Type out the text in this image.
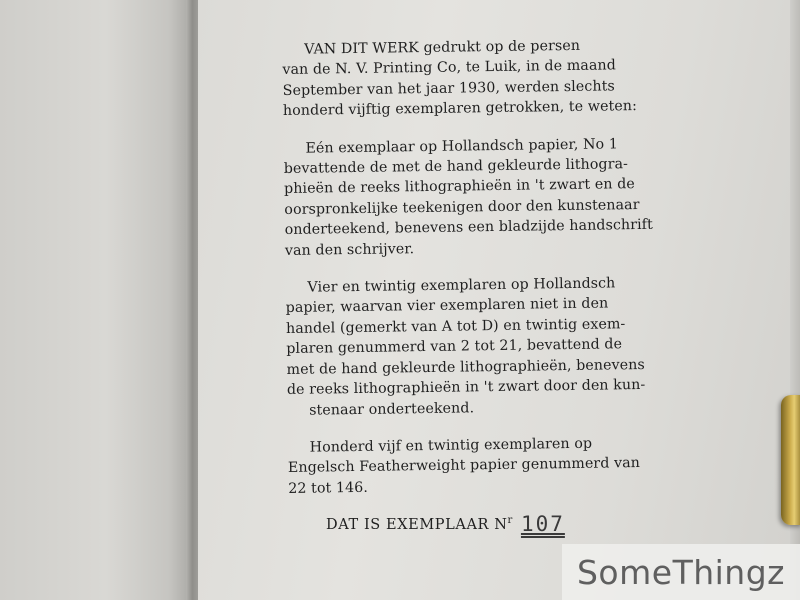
VAN DIT WERK gedrukt op de persen
van de N. V. Printing Co, te Luik, in de maand
September van het jaar 1930, werden slechts
honderd vijftig exemplaren getrokken, te weten:

Eén exemplaar op Hollandsch papier, No 1
bevattende de met de hand gekleurde lithogra-
phieën de reeks lithographieën in 't zwart en de
oorspronkelijke teekenigen door den kunstenaar
onderteekend, benevens een bladzijde handschrift
van den schrijver.

Vier en twintig exemplaren op Hollandsch
papier, waarvan vier exemplaren niet in den
handel (gemerkt van A tot D) en twintig exem-
plaren genummerd van 2 tot 21, bevattend de
met de hand gekleurde lithographieën, benevens
de reeks lithographieën in 't zwart door den kun-
stenaar onderteekend.

Honderd vijf en twintig exemplaren op
Engelsch Featherweight papier genummerd van
22 tot 146.

DAT IS EXEMPLAAR $N^r$ 107
SomeThingz
